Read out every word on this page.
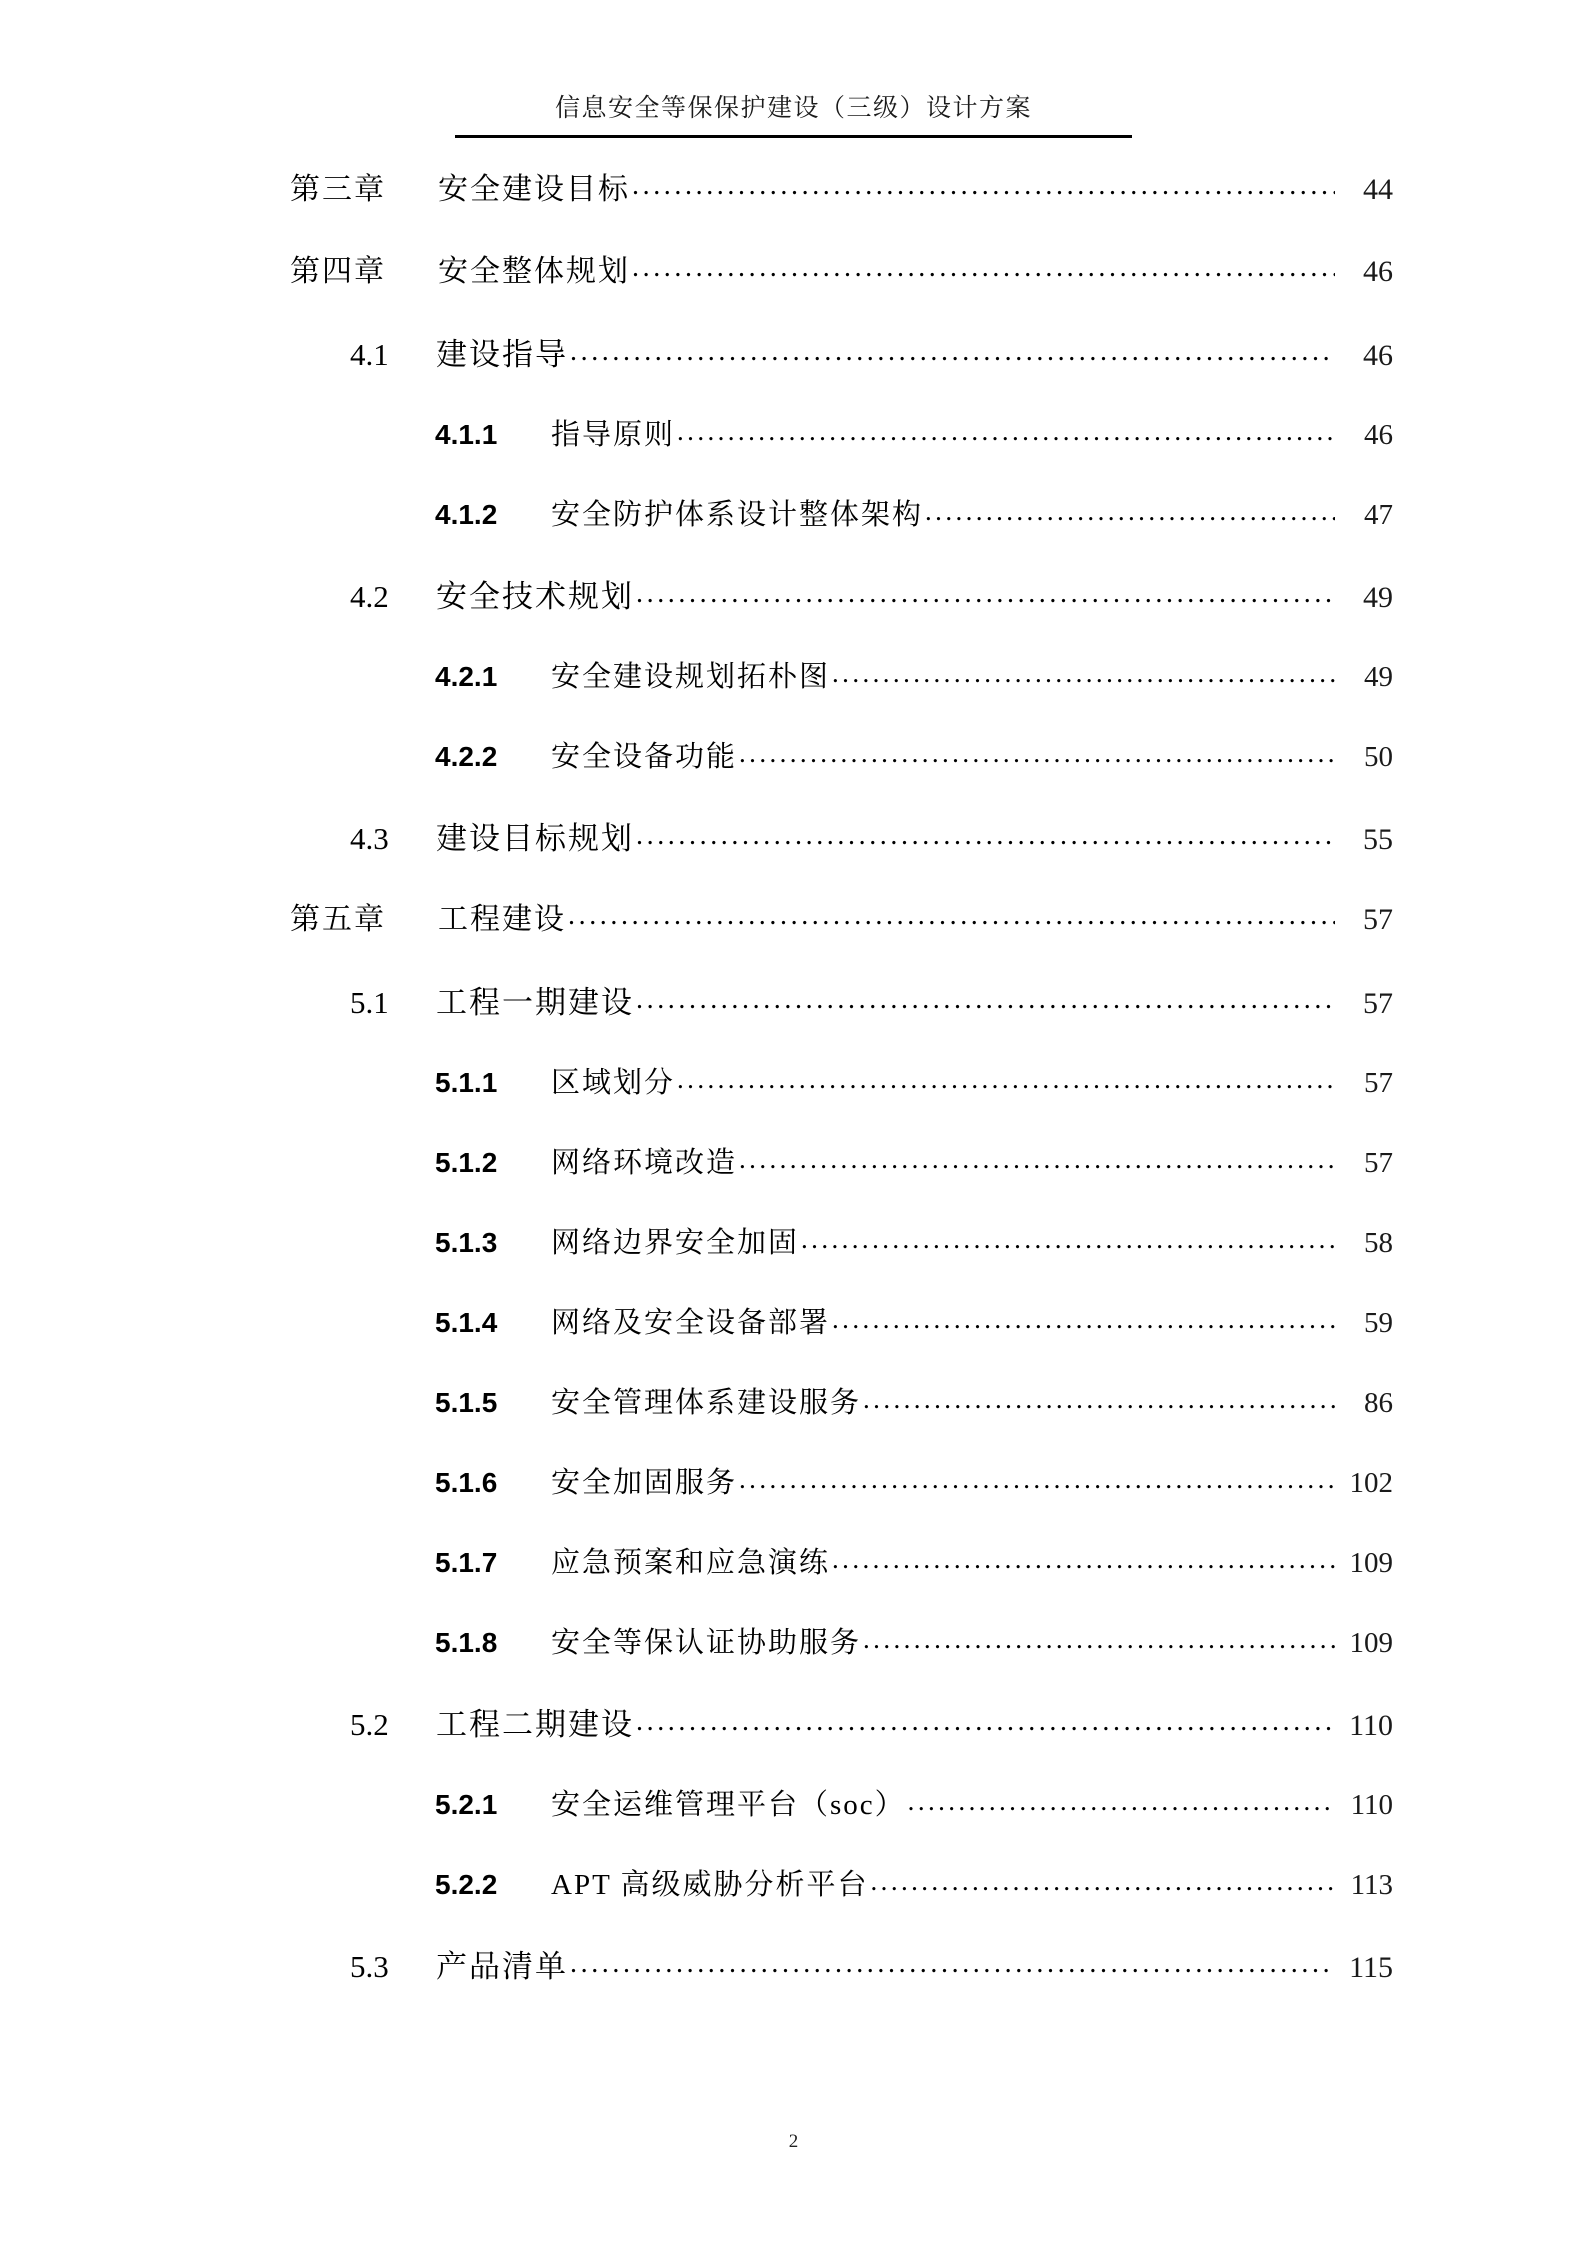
信息安全等保保护建设（三级）设计方案
第三章	安全建设目标 .....	44
第四章	安全整体规划 .....	46
4.1	建设指导 .....	46
4.1.1	指导原则 .....	46
4.1.2	安全防护体系设计整体架构 .....	47
4.2	安全技术规划 .....	49
4.2.1	安全建设规划拓朴图 .....	49
4.2.2	安全设备功能 .....	50
4.3	建设目标规划 .....	55
第五章	工程建设 .....	57
5.1	工程一期建设 .....	57
5.1.1	区域划分 .....	57
5.1.2	网络环境改造 .....	57
5.1.3	网络边界安全加固 .....	58
5.1.4	网络及安全设备部署 .....	59
5.1.5	安全管理体系建设服务 .....	86
5.1.6	安全加固服务 .....	102
5.1.7	应急预案和应急演练 .....	109
5.1.8	安全等保认证协助服务 .....	109
5.2	工程二期建设 .....	110
5.2.1	安全运维管理平台（soc） .....	110
5.2.2	APT 高级威胁分析平台 .....	113
5.3	产品清单 .....	115
2
